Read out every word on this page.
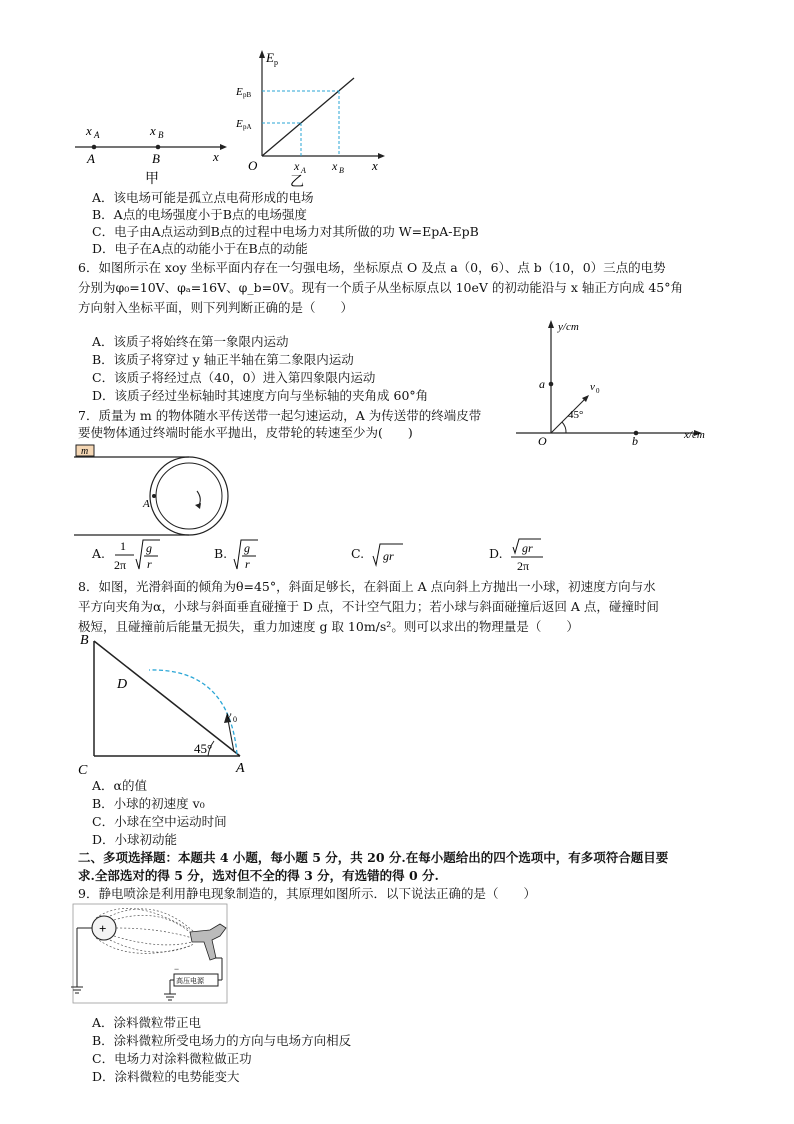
x A	x B
A	B	x
甲
E p
E pB
E pA
O	x A x B x
乙
A．该电场可能是孤立点电荷形成的电场
B．A点的电场强度小于B点的电场强度
C．电子由A点运动到B点的过程中电场力对其所做的功 W=EpA-EpB
D．电子在A点的动能小于在B点的动能
6．如图所示在 xoy 坐标平面内存在一匀强电场，坐标原点 O 及点 a（0，6）、点 b（10，0）三点的电势
分别为φ₀=10V、φₐ=16V、φ_b=0V。现有一个质子从坐标原点以 10eV 的初动能沿与 x 轴正方向成 45°角
方向射入坐标平面，则下列判断正确的是（　　）
A．该质子将始终在第一象限内运动
B．该质子将穿过 y 轴正半轴在第二象限内运动
C．该质子将经过点（40，0）进入第四象限内运动
D．该质子经过坐标轴时其速度方向与坐标轴的夹角成 60°角
y/cm
x/cm
a
b
O
v 0
45°
7．质量为 m 的物体随水平传送带一起匀速运动，A 为传送带的终端皮带
要使物体通过终端时能水平抛出，皮带轮的转速至少为(　　)
m
A
A. 1
2π
g
r
B. g
r
C. gr	D. gr
2π
8．如图，光滑斜面的倾角为θ=45°，斜面足够长，在斜面上 A 点向斜上方抛出一小球，初速度方向与水
平方向夹角为α，小球与斜面垂直碰撞于 D 点，不计空气阻力；若小球与斜面碰撞后返回 A 点，碰撞时间
极短，且碰撞前后能量无损失，重力加速度 g 取 10m/s²。则可以求出的物理量是（　　）
B
C
D
A
v 0
45°
A．α的值
B．小球的初速度 v₀
C．小球在空中运动时间
D．小球初动能
二、多项选择题：本题共 4 小题，每小题 5 分，共 20 分.在每小题给出的四个选项中，有多项符合题目要
求.全部选对的得 5 分，选对但不全的得 3 分，有选错的得 0 分.
9．静电喷涂是利用静电现象制造的，其原理如图所示．以下说法正确的是（　　）
+
高压电源
−
A．涂料微粒带正电
B．涂料微粒所受电场力的方向与电场方向相反
C．电场力对涂料微粒做正功
D．涂料微粒的电势能变大
